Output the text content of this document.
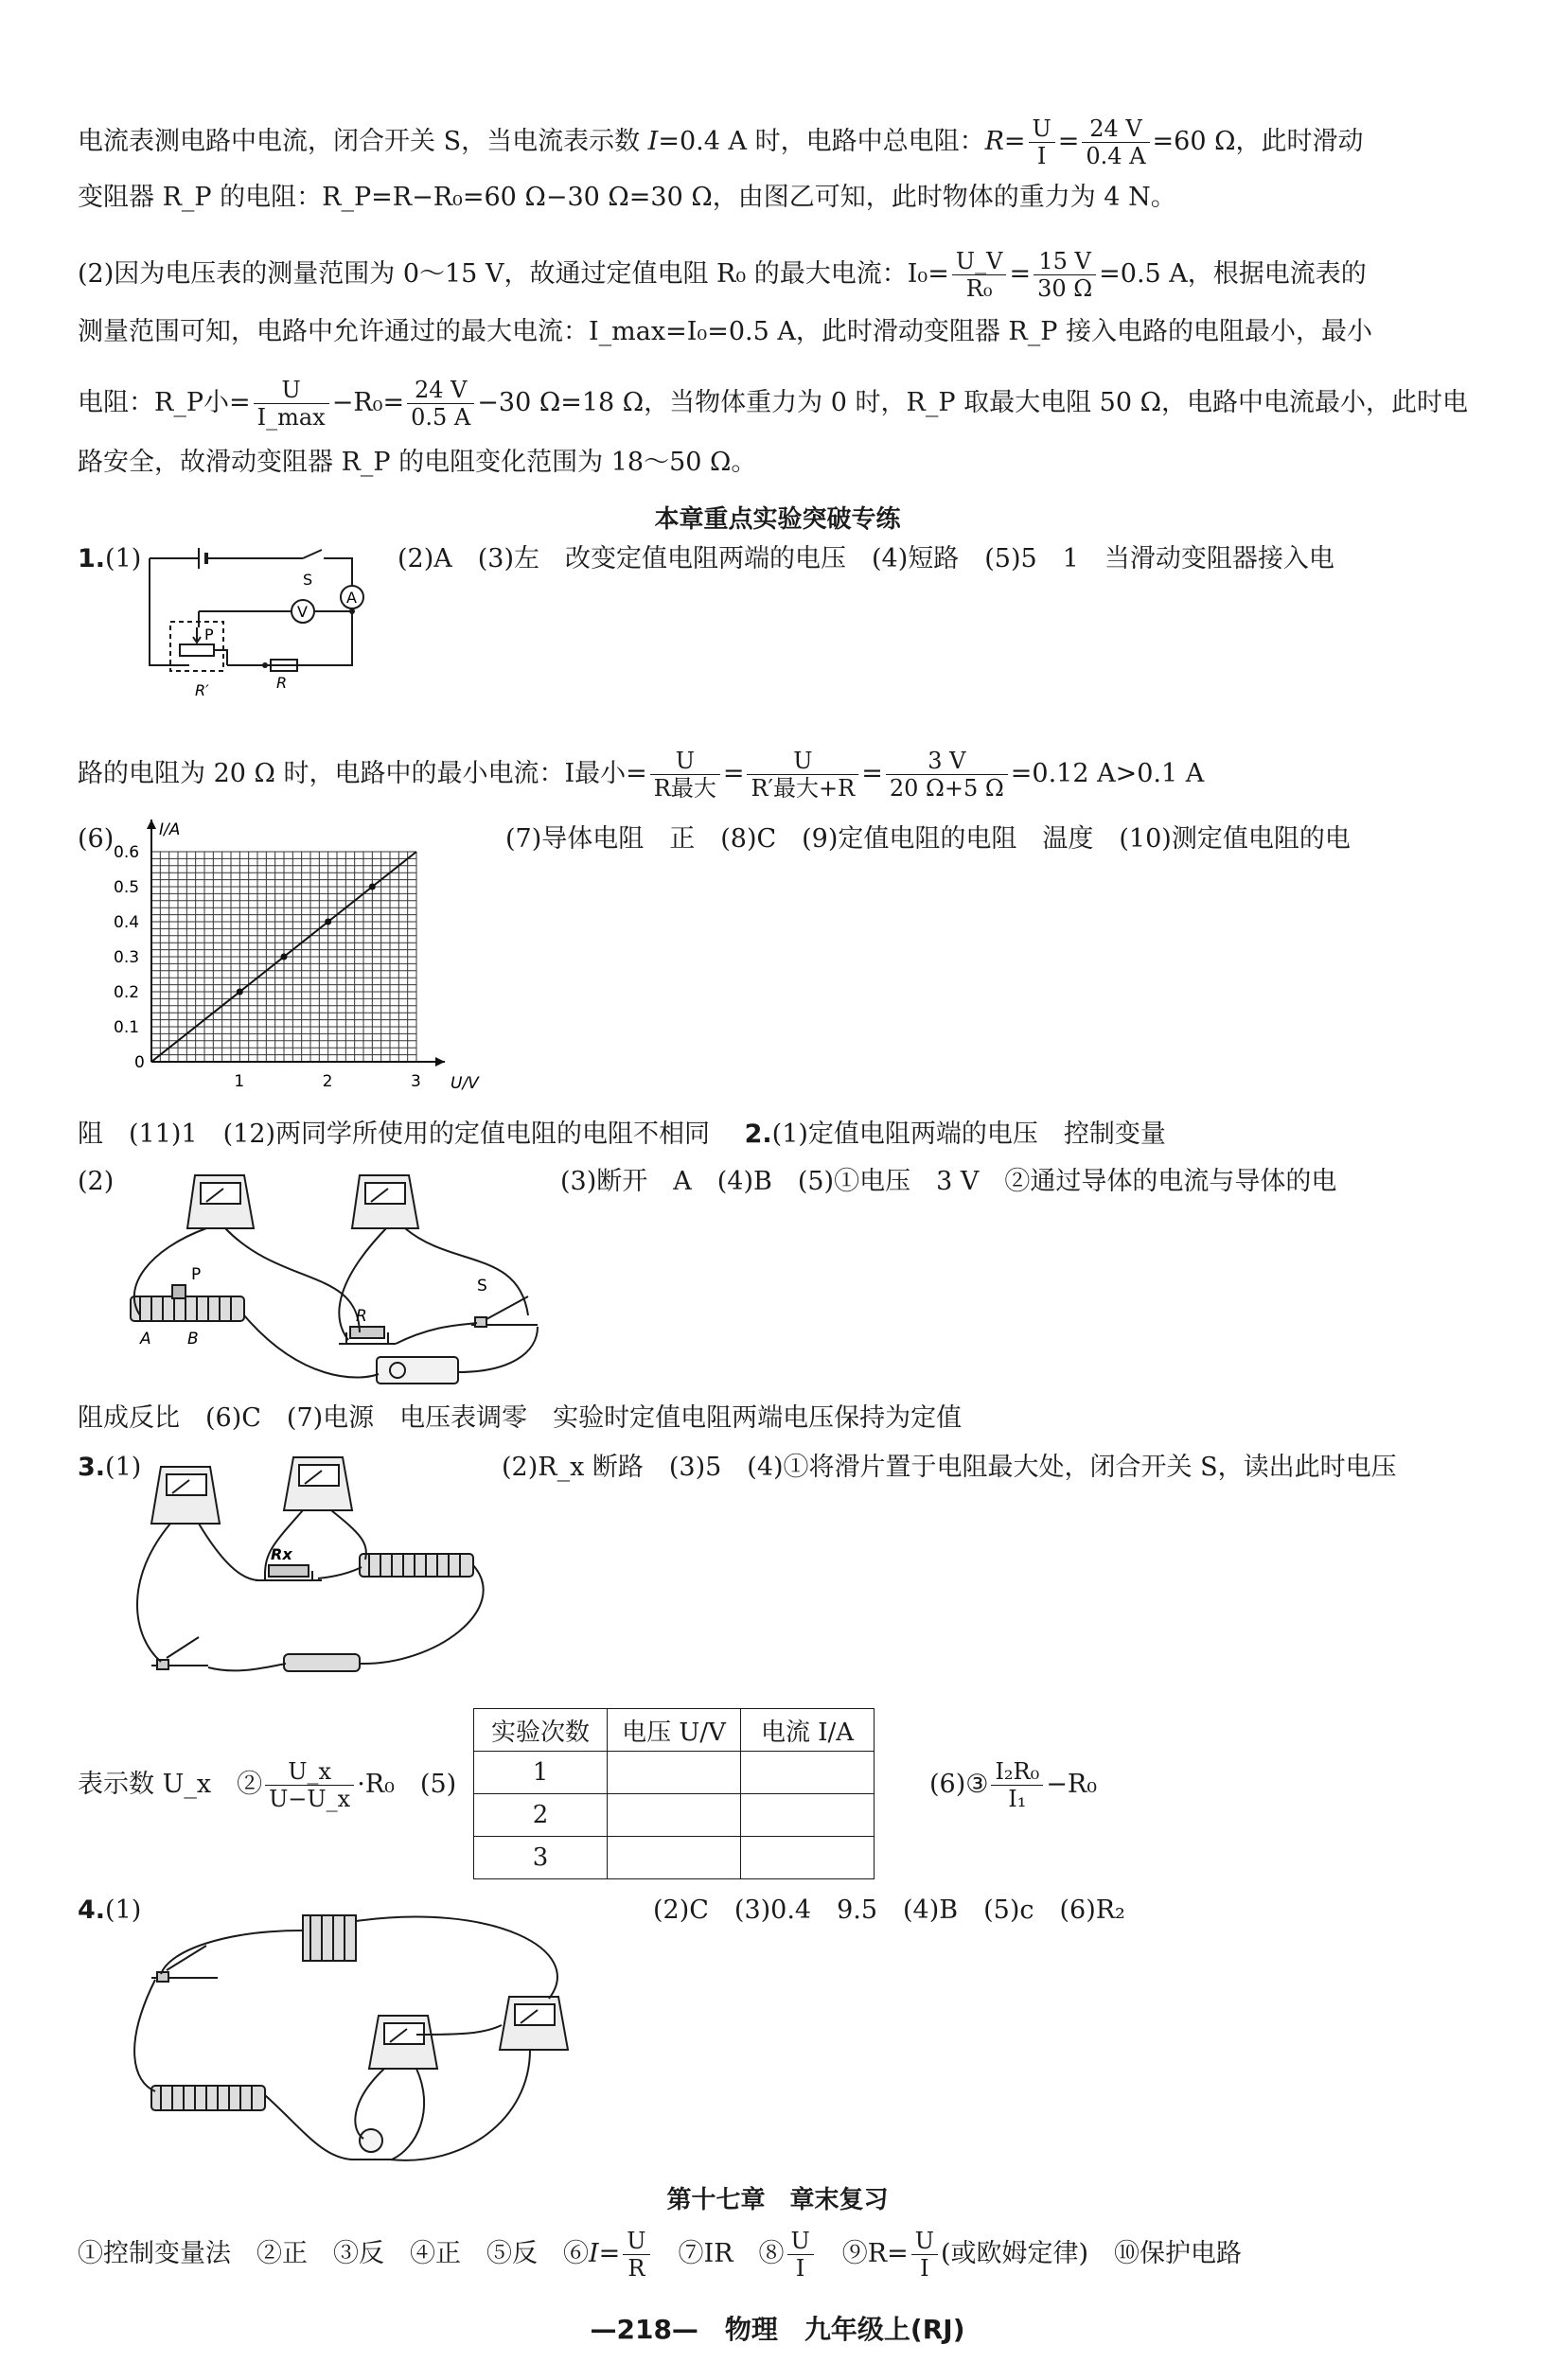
电流表测电路中电流，闭合开关 S，当电流表示数 I=0.4 A 时，电路中总电阻：$R= \frac{U}{I} = \frac{24 V}{0.4 A} =60$ Ω，此时滑动
变阻器 R_P 的电阻：R_P=R−R₀=60 Ω−30 Ω=30 Ω，由图乙可知，此时物体的重力为 4 N。
(2)因为电压表的测量范围为 0～15 V，故通过定值电阻 R₀ 的最大电流：$I_0= \frac{U\_V}{\text{R₀}} = \frac{15 V}{30 \Omega} =0.5$ A，根据电流表的
测量范围可知，电路中允许通过的最大电流：I_max=I₀=0.5 A，此时滑动变阻器 R_P 接入电路的电阻最小，最小
电阻：R_P小= $\frac{U}{I\_\max} -R_0= \frac{24 V}{0.5 A} -30$ Ω=18 Ω，当物体重力为 0 时，R_P 取最大电阻 50 Ω，电路中电流最小，此时电
路安全，故滑动变阻器 R_P 的电阻变化范围为 18～50 Ω。
本章重点实验突破专练
1.(1)	(2)A　(3)左　改变定值电阻两端的电压　(4)短路　(5)5　1　当滑动变阻器接入电
S
A
V
P
R
R′
路的电阻为 20 Ω 时，电路中的最小电流：I最小= $\frac{U}{\text{R最大}} = \frac{U}{\text{R′最大+R}} = \frac{3 V}{20 \Omega+5 \Omega} =0.12$ A>0.1 A
(6)	(7)导体电阻　正　(8)C　(9)定值电阻的电阻　温度　(10)测定值电阻的电
1	2	3
0.1
0.2
0.3
0.4
0.5
0.6
0
U/V
I/A
阻　(11)1　(12)两同学所使用的定值电阻的电阻不相同 2.(1)定值电阻两端的电压　控制变量
(2)	(3)断开　A　(4)B　(5)①电压　3 V　②通过导体的电流与导体的电
P
R
S
A B
阻成反比　(6)C　(7)电源　电压表调零　实验时定值电阻两端电压保持为定值
3.(1)	(2)R_x 断路　(3)5　(4)①将滑片置于电阻最大处，闭合开关 S，读出此时电压
Rx
表示数 U_x　② $\frac{U\_x}{U-U\_x} \cdot R_0$　(5)	(6)③ $\frac{\text{I₂R₀}}{\text{I₁}} -R_0$
实验次数	电压 U/V	电流 I/A
1		
2		
3		
4.(1)	(2)C　(3)0.4　9.5　(4)B　(5)c　(6)R₂
第十七章　章末复习
①控制变量法　②正　③反　④正　⑤反　⑥I= $\frac{U}{R}$
　 ⑦IR　⑧ $\frac{U}{I}$
　 ⑨R= $\frac{U}{I}$ (或欧姆定律)　⑩保护电路
—218—　物理　九年级上(RJ)
